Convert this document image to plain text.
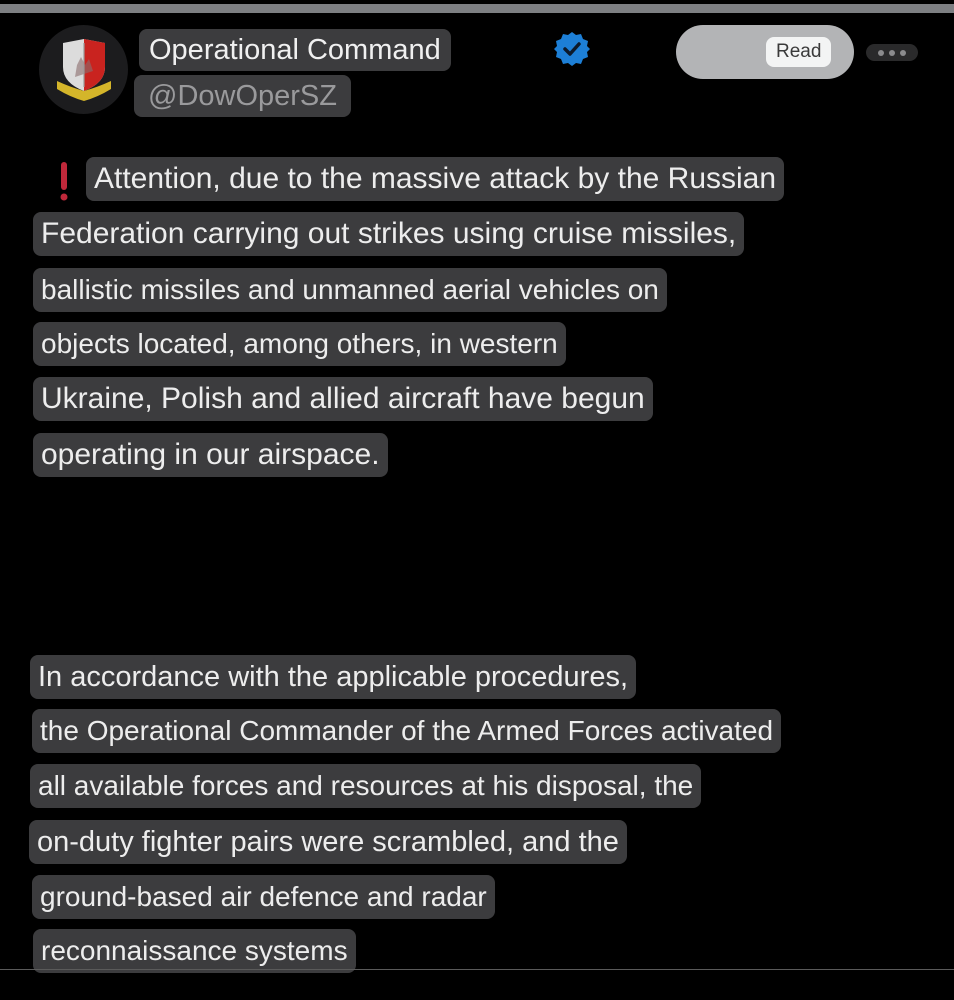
Operational Command
@DowOperSZ
Read
Attention, due to the massive attack by the Russian
Federation carrying out strikes using cruise missiles,
ballistic missiles and unmanned aerial vehicles on
objects located, among others, in western
Ukraine, Polish and allied aircraft have begun
operating in our airspace.
In accordance with the applicable procedures,
the Operational Commander of the Armed Forces activated
all available forces and resources at his disposal, the
on-duty fighter pairs were scrambled, and the
ground-based air defence and radar
reconnaissance systems
